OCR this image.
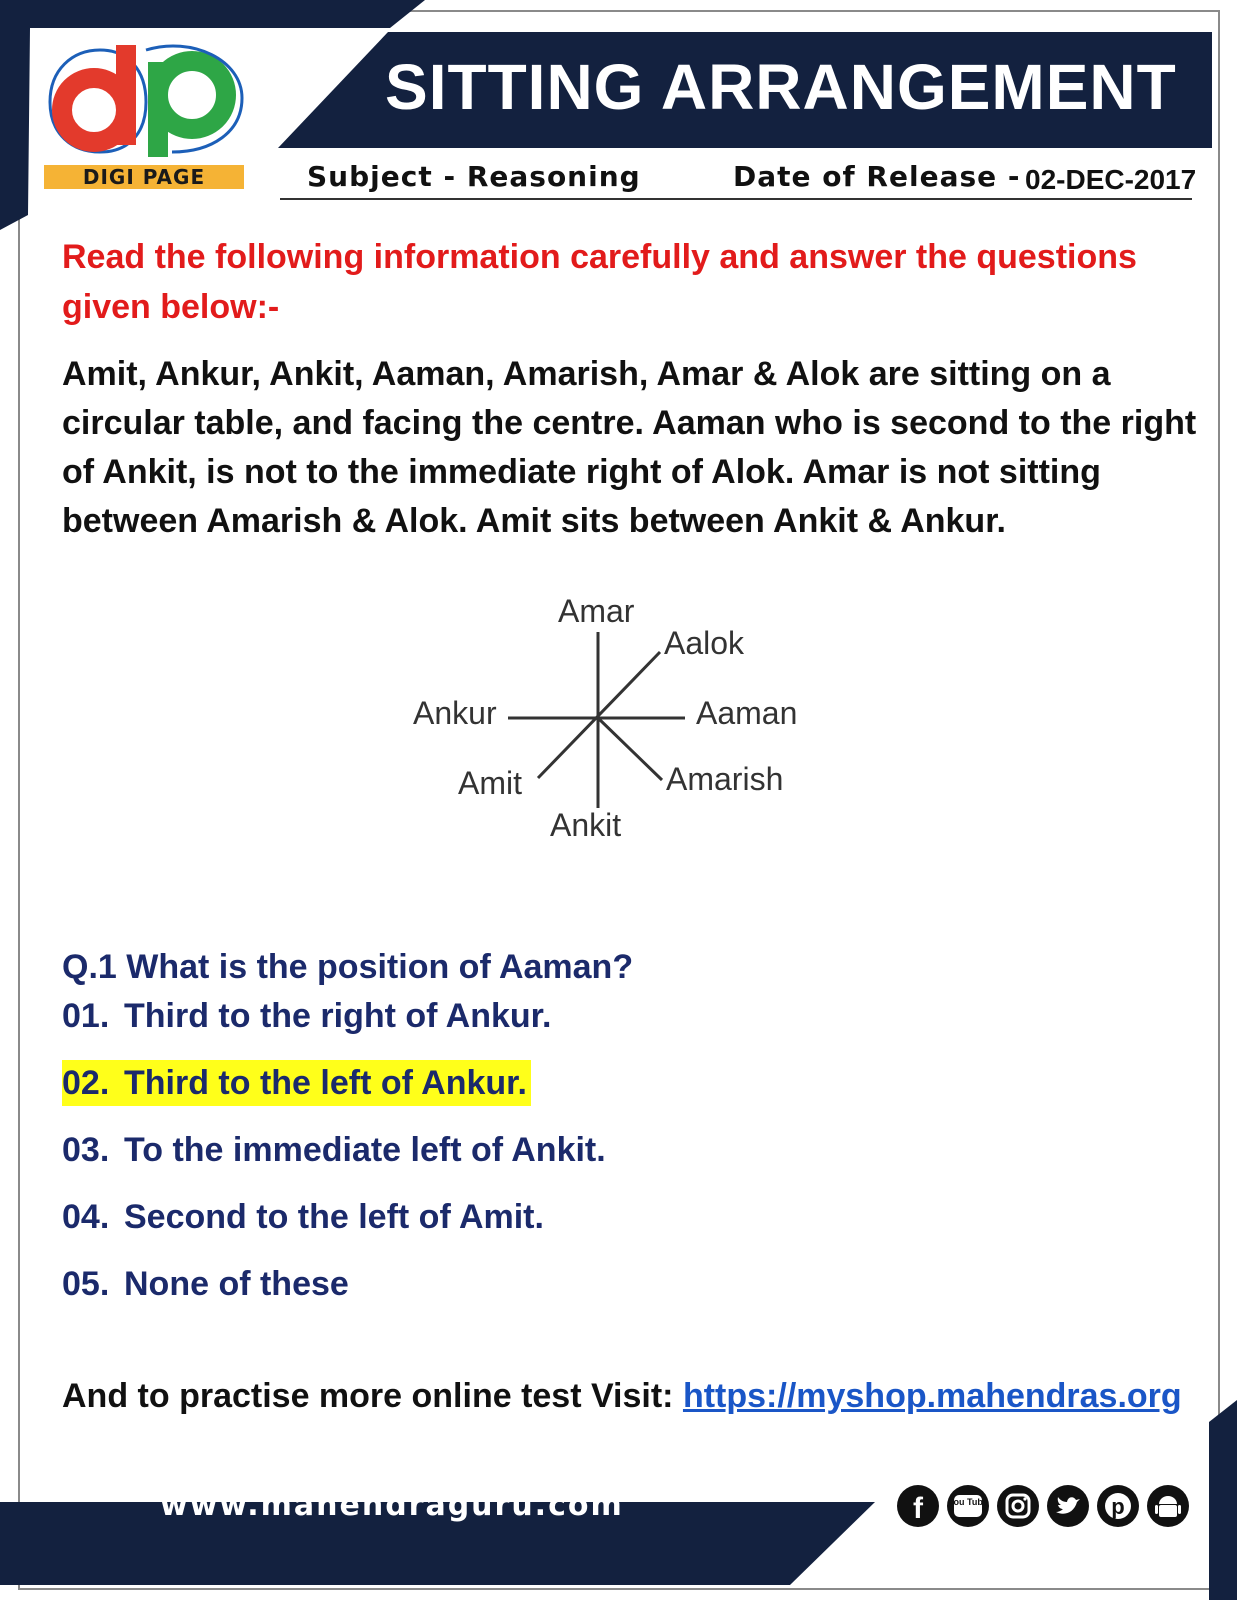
SITTING ARRANGEMENT
DIGI PAGE	Subject - Reasoning	Date of Release - 02-DEC-2017
Read the following information carefully and answer the questions given below:-
Amit, Ankur, Ankit, Aaman, Amarish, Amar & Alok are sitting on a circular table, and facing the centre. Aaman who is second to the right of Ankit, is not to the immediate right of Alok. Amar is not sitting between Amarish & Alok. Amit sits between Ankit & Ankur.
Amar
Aalok
Aaman
Amarish
Ankit
Amit
Ankur
Q.1 What is the position of Aaman?
01. Third to the right of Ankur.
02. Third to the left of Ankur.
03. To the immediate left of Ankit.
04. Second to the left of Amit.
05. None of these
And to practise more online test Visit: https://myshop.mahendras.org
www.mahendraguru.com	f	You Tube	p
